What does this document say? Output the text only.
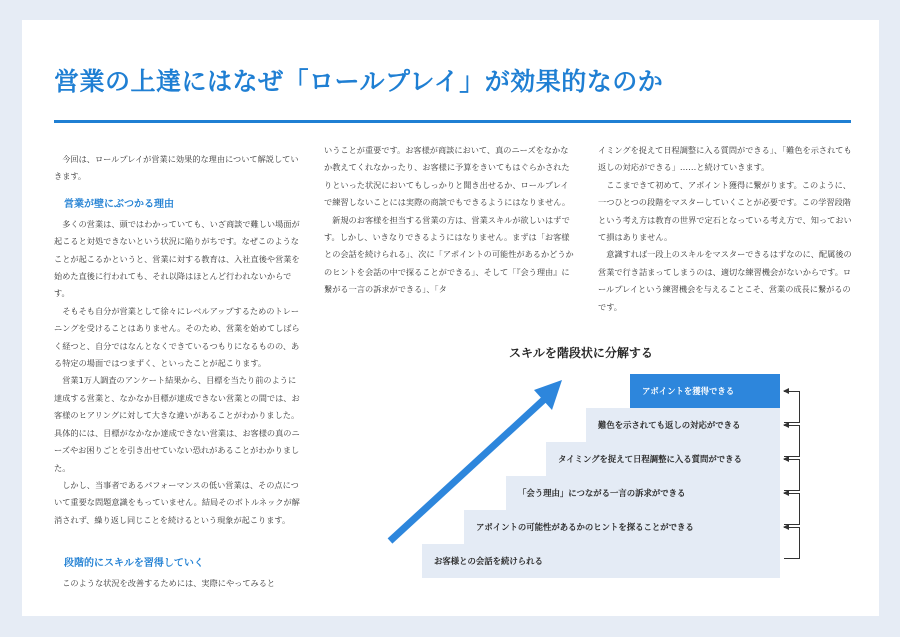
営業の上達にはなぜ「ロールプレイ」が効果的なのか

今回は、ロールプレイが営業に効果的な理由について解説していきます。

営業が壁にぶつかる理由

多くの営業は、頭ではわかっていても、いざ商談で難しい場面が起こると対処できないという状況に陥りがちです。なぜこのようなことが起こるかというと、営業に対する教育は、入社直後や営業を始めた直後に行われても、それ以降はほとんど行われないからです。

そもそも自分が営業として徐々にレベルアップするためのトレーニングを受けることはありません。そのため、営業を始めてしばらく経つと、自分ではなんとなくできているつもりになるものの、ある特定の場面ではつまずく、といったことが起こります。

営業1万人調査のアンケート結果から、目標を当たり前のように達成する営業と、なかなか目標が達成できない営業との間では、お客様のヒアリングに対して大きな違いがあることがわかりました。具体的には、目標がなかなか達成できない営業は、お客様の真のニーズやお困りごとを引き出せていない恐れがあることがわかりました。

しかし、当事者であるパフォーマンスの低い営業は、その点について重要な問題意識をもっていません。結局そのボトルネックが解消されず、繰り返し同じことを続けるという現象が起こります。

段階的にスキルを習得していく

このような状況を改善するためには、実際にやってみると

いうことが重要です。お客様が商談において、真のニーズをなかなか教えてくれなかったり、お客様に予算をきいてもはぐらかされたりといった状況においてもしっかりと聞き出せるか、ロールプレイで練習しないことには実際の商談でもできるようにはなりません。

新規のお客様を担当する営業の方は、営業スキルが欲しいはずです。しかし、いきなりできるようにはなりません。まずは「お客様との会話を続けられる」、次に「アポイントの可能性があるかどうかのヒントを会話の中で探ることができる」、そして「『会う理由』に繋がる一言の訴求ができる」、「タ

イミングを捉えて日程調整に入る質問ができる」、「難色を示されても返しの対応ができる」……と続けていきます。

ここまできて初めて、アポイント獲得に繋がります。このように、一つひとつの段階をマスターしていくことが必要です。この学習段階という考え方は教育の世界で定石となっている考え方で、知っておいて損はありません。

意識すれば一段上のスキルをマスターできるはずなのに、配属後の営業で行き詰まってしまうのは、適切な練習機会がないからです。ロールプレイという練習機会を与えることこそ、営業の成長に繋がるのです。

スキルを階段状に分解する
アポイントを獲得できる
難色を示されても返しの対応ができる
タイミングを捉えて日程調整に入る質問ができる
「会う理由」につながる一言の訴求ができる
アポイントの可能性があるかのヒントを探ることができる
お客様との会話を続けられる
